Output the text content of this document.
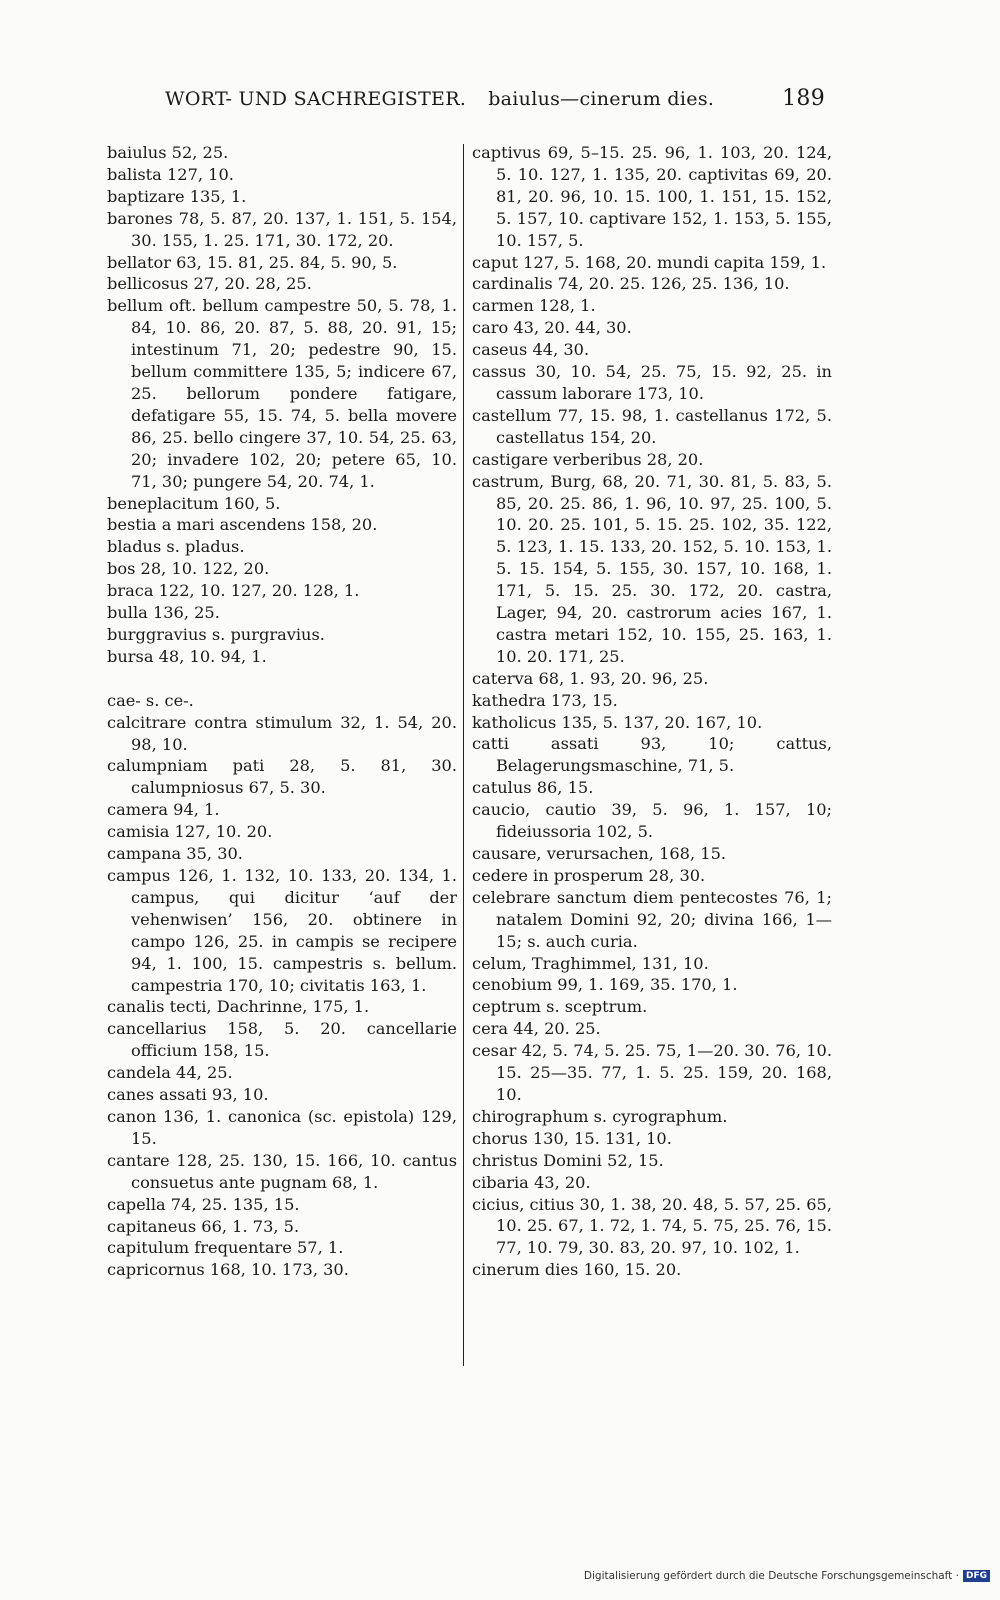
WORT- UND SACHREGISTER. baiulus—cinerum dies.	189
baiulus 52, 25.
balista 127, 10.
baptizare 135, 1.
barones 78, 5. 87, 20. 137, 1. 151, 5. 154, 30. 155, 1. 25. 171, 30. 172, 20.
bellator 63, 15. 81, 25. 84, 5. 90, 5.
bellicosus 27, 20. 28, 25.
bellum oft. bellum campestre 50, 5. 78, 1. 84, 10. 86, 20. 87, 5. 88, 20. 91, 15; intestinum 71, 20; pedestre 90, 15. bellum committere 135, 5; indicere 67, 25. bellorum pondere fatigare, defatigare 55, 15. 74, 5. bella movere 86, 25. bello cingere 37, 10. 54, 25. 63, 20; invadere 102, 20; petere 65, 10. 71, 30; pungere 54, 20. 74, 1.
beneplacitum 160, 5.
bestia a mari ascendens 158, 20.
bladus s. pladus.
bos 28, 10. 122, 20.
braca 122, 10. 127, 20. 128, 1.
bulla 136, 25.
burggravius s. purgravius.
bursa 48, 10. 94, 1.
cae- s. ce-.
calcitrare contra stimulum 32, 1. 54, 20. 98, 10.
calumpniam pati 28, 5. 81, 30. calumpniosus 67, 5. 30.
camera 94, 1.
camisia 127, 10. 20.
campana 35, 30.
campus 126, 1. 132, 10. 133, 20. 134, 1. campus, qui dicitur ‘auf der vehenwisen’ 156, 20. obtinere in campo 126, 25. in campis se recipere 94, 1. 100, 15. campestris s. bellum. campestria 170, 10; civitatis 163, 1.
canalis tecti, Dachrinne, 175, 1.
cancellarius 158, 5. 20. cancellarie officium 158, 15.
candela 44, 25.
canes assati 93, 10.
canon 136, 1. canonica (sc. epistola) 129, 15.
cantare 128, 25. 130, 15. 166, 10. cantus consuetus ante pugnam 68, 1.
capella 74, 25. 135, 15.
capitaneus 66, 1. 73, 5.
capitulum frequentare 57, 1.
capricornus 168, 10. 173, 30.
captivus 69, 5–15. 25. 96, 1. 103, 20. 124, 5. 10. 127, 1. 135, 20. captivitas 69, 20. 81, 20. 96, 10. 15. 100, 1. 151, 15. 152, 5. 157, 10. captivare 152, 1. 153, 5. 155, 10. 157, 5.
caput 127, 5. 168, 20. mundi capita 159, 1.
cardinalis 74, 20. 25. 126, 25. 136, 10.
carmen 128, 1.
caro 43, 20. 44, 30.
caseus 44, 30.
cassus 30, 10. 54, 25. 75, 15. 92, 25. in cassum laborare 173, 10.
castellum 77, 15. 98, 1. castellanus 172, 5. castellatus 154, 20.
castigare verberibus 28, 20.
castrum, Burg, 68, 20. 71, 30. 81, 5. 83, 5. 85, 20. 25. 86, 1. 96, 10. 97, 25. 100, 5. 10. 20. 25. 101, 5. 15. 25. 102, 35. 122, 5. 123, 1. 15. 133, 20. 152, 5. 10. 153, 1. 5. 15. 154, 5. 155, 30. 157, 10. 168, 1. 171, 5. 15. 25. 30. 172, 20. castra, Lager, 94, 20. castrorum acies 167, 1. castra metari 152, 10. 155, 25. 163, 1. 10. 20. 171, 25.
caterva 68, 1. 93, 20. 96, 25.
kathedra 173, 15.
katholicus 135, 5. 137, 20. 167, 10.
catti assati 93, 10; cattus, Belagerungsmaschine, 71, 5.
catulus 86, 15.
caucio, cautio 39, 5. 96, 1. 157, 10; fideiussoria 102, 5.
causare, verursachen, 168, 15.
cedere in prosperum 28, 30.
celebrare sanctum diem pentecostes 76, 1; natalem Domini 92, 20; divina 166, 1—15; s. auch curia.
celum, Traghimmel, 131, 10.
cenobium 99, 1. 169, 35. 170, 1.
ceptrum s. sceptrum.
cera 44, 20. 25.
cesar 42, 5. 74, 5. 25. 75, 1—20. 30. 76, 10. 15. 25—35. 77, 1. 5. 25. 159, 20. 168, 10.
chirographum s. cyrographum.
chorus 130, 15. 131, 10.
christus Domini 52, 15.
cibaria 43, 20.
cicius, citius 30, 1. 38, 20. 48, 5. 57, 25. 65, 10. 25. 67, 1. 72, 1. 74, 5. 75, 25. 76, 15. 77, 10. 79, 30. 83, 20. 97, 10. 102, 1.
cinerum dies 160, 15. 20.
Digitalisierung gefördert durch die Deutsche Forschungsgemeinschaft · DFG
